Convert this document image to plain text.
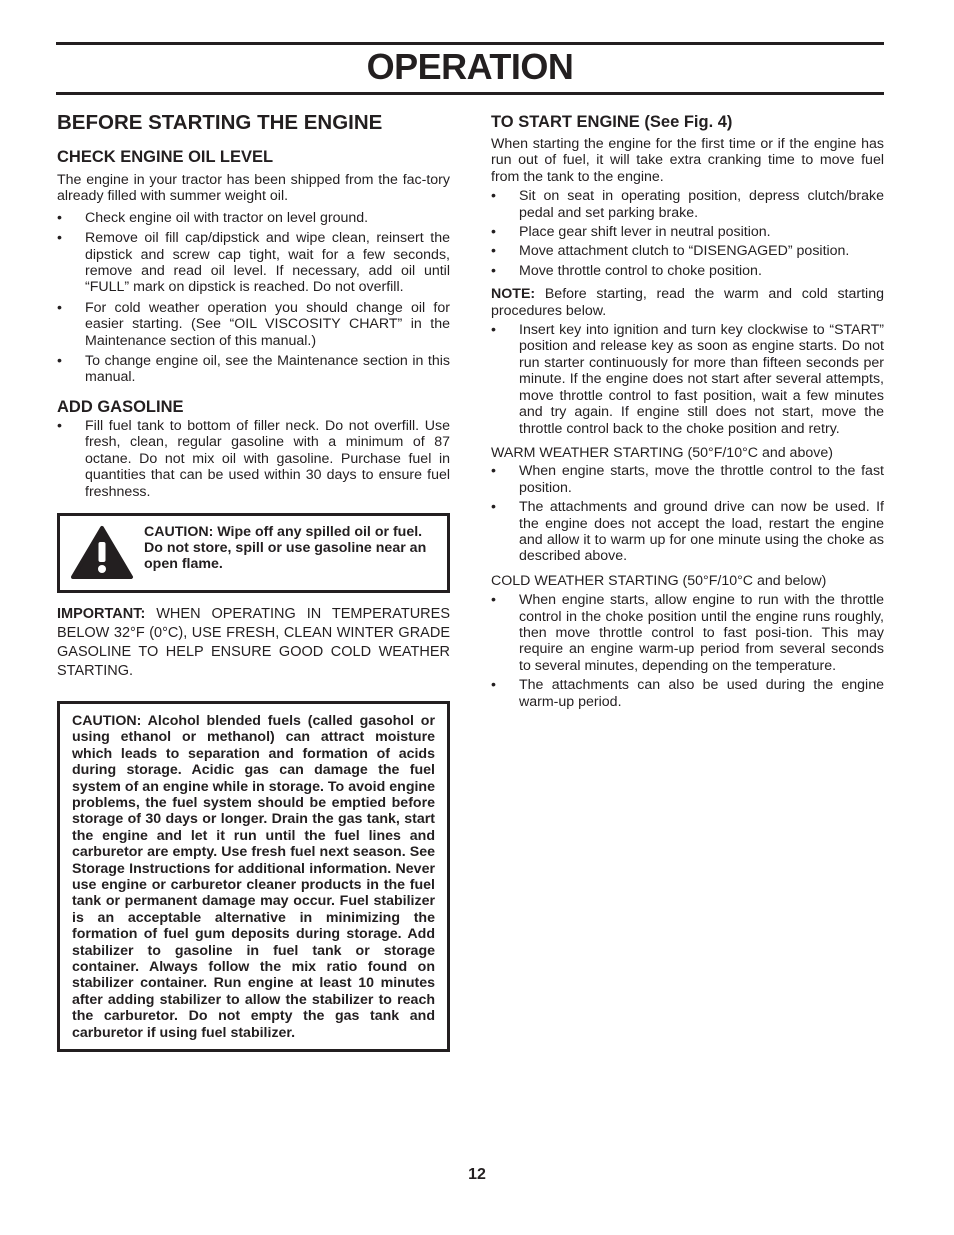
OPERATION
BEFORE STARTING THE ENGINE
CHECK ENGINE OIL LEVEL

The engine in your tractor has been shipped from the fac-tory already filled with summer weight oil.

• Check engine oil with tractor on level ground.
• Remove oil fill cap/dipstick and wipe clean, reinsert the dipstick and screw cap tight, wait for a few seconds, remove and read oil level. If necessary, add oil until “FULL” mark on dipstick is reached. Do not overfill.
• For cold weather operation you should change oil for easier starting. (See “OIL VISCOSITY CHART” in the Maintenance section of this manual.)
• To change engine oil, see the Maintenance section in this manual.
ADD GASOLINE
• Fill fuel tank to bottom of filler neck. Do not overfill. Use fresh, clean, regular gasoline with a minimum of 87 octane. Do not mix oil with gasoline. Purchase fuel in quantities that can be used within 30 days to ensure fuel freshness.
CAUTION: Wipe off any spilled oil or fuel. Do not store, spill or use gasoline near an open flame.

IMPORTANT: WHEN OPERATING IN TEMPERATURES BELOW 32°F (0°C), USE FRESH, CLEAN WINTER GRADE GASOLINE TO HELP ENSURE GOOD COLD WEATHER STARTING.

CAUTION: Alcohol blended fuels (called gasohol or using ethanol or methanol) can attract moisture which leads to separation and formation of acids during storage. Acidic gas can damage the fuel system of an engine while in storage. To avoid engine problems, the fuel system should be emptied before storage of 30 days or longer. Drain the gas tank, start the engine and let it run until the fuel lines and carburetor are empty. Use fresh fuel next season. See Storage Instructions for additional information. Never use engine or carburetor cleaner products in the fuel tank or permanent damage may occur. Fuel stabilizer is an acceptable alternative in minimizing the formation of fuel gum deposits during storage. Add stabilizer to gasoline in fuel tank or storage container. Always follow the mix ratio found on stabilizer container. Run engine at least 10 minutes after adding stabilizer to allow the stabilizer to reach the carburetor. Do not empty the gas tank and carburetor if using fuel stabilizer.
TO START ENGINE (See Fig. 4)

When starting the engine for the first time or if the engine has run out of fuel, it will take extra cranking time to move fuel from the tank to the engine.

• Sit on seat in operating position, depress clutch/brake pedal and set parking brake.
• Place gear shift lever in neutral position.
• Move attachment clutch to “DISENGAGED” position.
• Move throttle control to choke position.

NOTE: Before starting, read the warm and cold starting procedures below.

• Insert key into ignition and turn key clockwise to “START” position and release key as soon as engine starts. Do not run starter continuously for more than fifteen seconds per minute. If the engine does not start after several attempts, move throttle control to fast position, wait a few minutes and try again. If engine still does not start, move the throttle control back to the choke position and retry.

WARM WEATHER STARTING (50°F/10°C and above)

• When engine starts, move the throttle control to the fast position.
• The attachments and ground drive can now be used. If the engine does not accept the load, restart the engine and allow it to warm up for one minute using the choke as described above.

COLD WEATHER STARTING (50°F/10°C and below)

• When engine starts, allow engine to run with the throttle control in the choke position until the engine runs roughly, then move throttle control to fast posi-tion. This may require an engine warm-up period from several seconds to several minutes, depending on the temperature.
• The attachments can also be used during the engine warm-up period.
12
